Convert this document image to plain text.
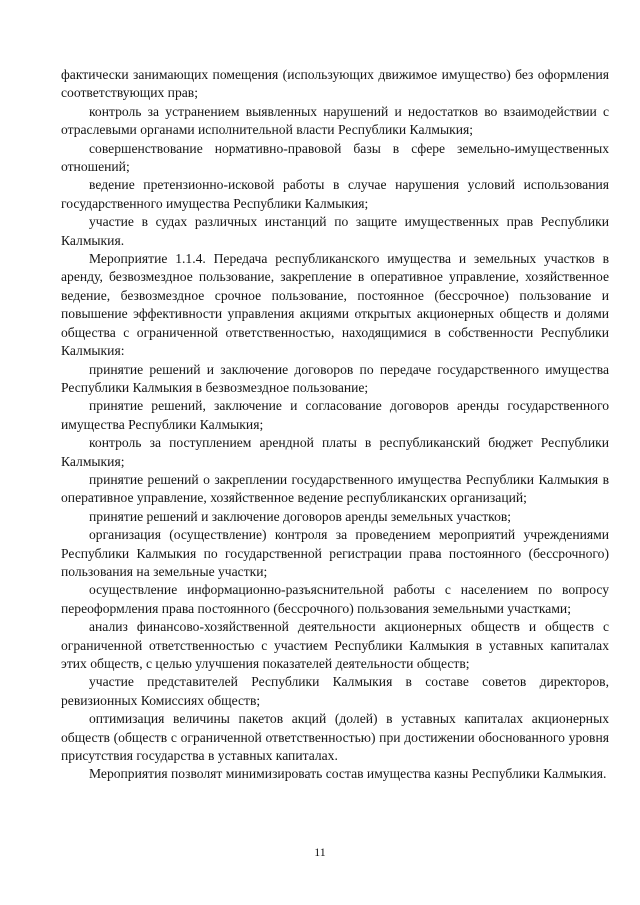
фактически занимающих помещения (использующих движимое имущество) без оформления соответствующих прав;

контроль за устранением выявленных нарушений и недостатков во взаимодействии с отраслевыми органами исполнительной власти Республики Калмыкия;

совершенствование нормативно-правовой базы в сфере земельно-имущественных отношений;

ведение претензионно-исковой работы в случае нарушения условий использования государственного имущества Республики Калмыкия;

участие в судах различных инстанций по защите имущественных прав Республики Калмыкия.

Мероприятие 1.1.4. Передача республиканского имущества и земельных участков в аренду, безвозмездное пользование, закрепление в оперативное управление, хозяйственное ведение, безвозмездное срочное пользование, постоянное (бессрочное) пользование и повышение эффективности управления акциями открытых акционерных обществ и долями общества с ограниченной ответственностью, находящимися в собственности Республики Калмыкия:

принятие решений и заключение договоров по передаче государственного имущества Республики Калмыкия в безвозмездное пользование;

принятие решений, заключение и согласование договоров аренды государственного имущества Республики Калмыкия;

контроль за поступлением арендной платы в республиканский бюджет Республики Калмыкия;

принятие решений о закреплении государственного имущества Республики Калмыкия в оперативное управление, хозяйственное ведение республиканских организаций;

принятие решений и заключение договоров аренды земельных участков;

организация (осуществление) контроля за проведением мероприятий учреждениями Республики Калмыкия по государственной регистрации права постоянного (бессрочного) пользования на земельные участки;

осуществление информационно-разъяснительной работы с населением по вопросу переоформления права постоянного (бессрочного) пользования земельными участками;

анализ финансово-хозяйственной деятельности акционерных обществ и обществ с ограниченной ответственностью с участием Республики Калмыкия в уставных капиталах этих обществ, с целью улучшения показателей деятельности обществ;

участие представителей Республики Калмыкия в составе советов директоров, ревизионных Комиссиях обществ;

оптимизация величины пакетов акций (долей) в уставных капиталах акционерных обществ (обществ с ограниченной ответственностью) при достижении обоснованного уровня присутствия государства в уставных капиталах.

Мероприятия позволят минимизировать состав имущества казны Республики Калмыкия.

11
